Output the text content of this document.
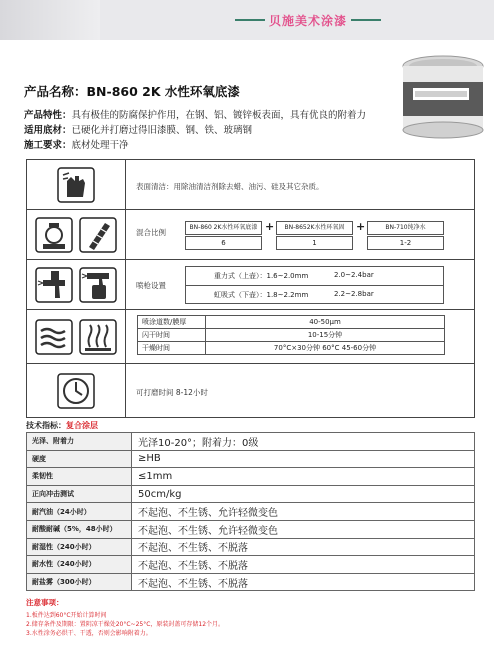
贝施美术涂漆
产品名称：BN-860 2K 水性环氧底漆
产品特性：具有极佳的防腐保护作用，在钢、铝、镀锌板表面，具有优良的附着力
适用底材：已硬化并打磨过得旧漆膜、钢、铁、玻璃钢
施工要求：底材处理干净
表面清洁：用除油清洁剂除去蜡、油污、硅及其它杂质。
混合比例
BN-860 2K水性环氧底漆
6
+	BN-8652K水性环氧固
1
+	BN-710纯净水
1-2
喷枪设置
重力式（上壶）：1.6~2.0mm	2.0~2.4bar
虹吸式（下壶）：1.8~2.2mm	2.2~2.8bar
喷涂道数/膜厚	40-50μm
闪干时间	10-15分钟
干燥时间	70°C×30分钟 60°C 45-60分钟
可打磨时间 8-12小时
技术指标：复合涂层
光泽、附着力	光泽10-20°；附着力：0级
硬度	≥HB
柔韧性	≤1mm
正向冲击测试	50cm/kg
耐汽油（24小时）	不起泡、不生锈、允许轻微变色
耐酸耐碱（5%，48小时）	不起泡、不生锈、允许轻微变色
耐湿性（240小时）	不起泡、不生锈、不脱落
耐水性（240小时）	不起泡、不生锈、不脱落
耐盐雾（300小时）	不起泡、不生锈、不脱落
注意事项：
1.板件达到60°C开始计算时间
2.储存条件及期限：置阴凉干燥处20°C~25°C，原装封盖可存储12个月。
3.水性涂务必烘干、干透，否则会影响附着力。
